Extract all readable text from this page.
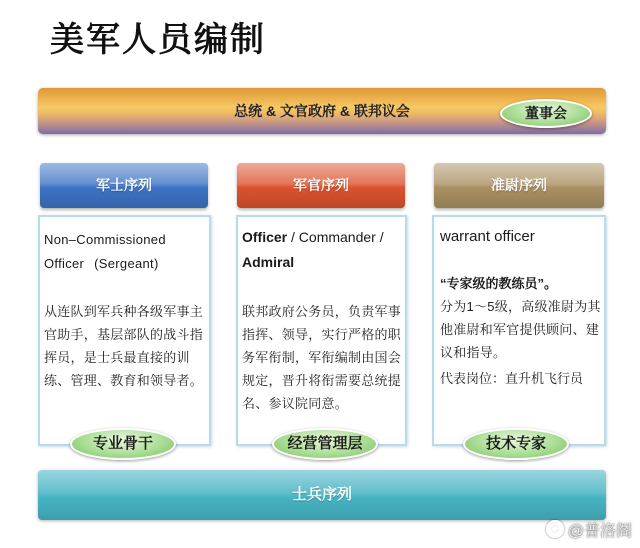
美军人员编制
总统 & 文官政府 & 联邦议会	董事会
军士序列
Non–Commissioned Officer (Sergeant)
从连队到军兵种各级军事主官助手，基层部队的战斗指挥员，是士兵最直接的训练、管理、教育和领导者。
专业骨干
军官序列
Officer / Commander / Admiral
联邦政府公务员，负责军事指挥、领导，实行严格的职务军衔制，军衔编制由国会规定，晋升将衔需要总统提名、参议院同意。
经营管理层
准尉序列
warrant officer
“专家级的教练员”。
分为1～5级，高级准尉为其他准尉和军官提供顾问、建议和指导。
代表岗位：直升机飞行员
技术专家
士兵序列
@普洛阁
